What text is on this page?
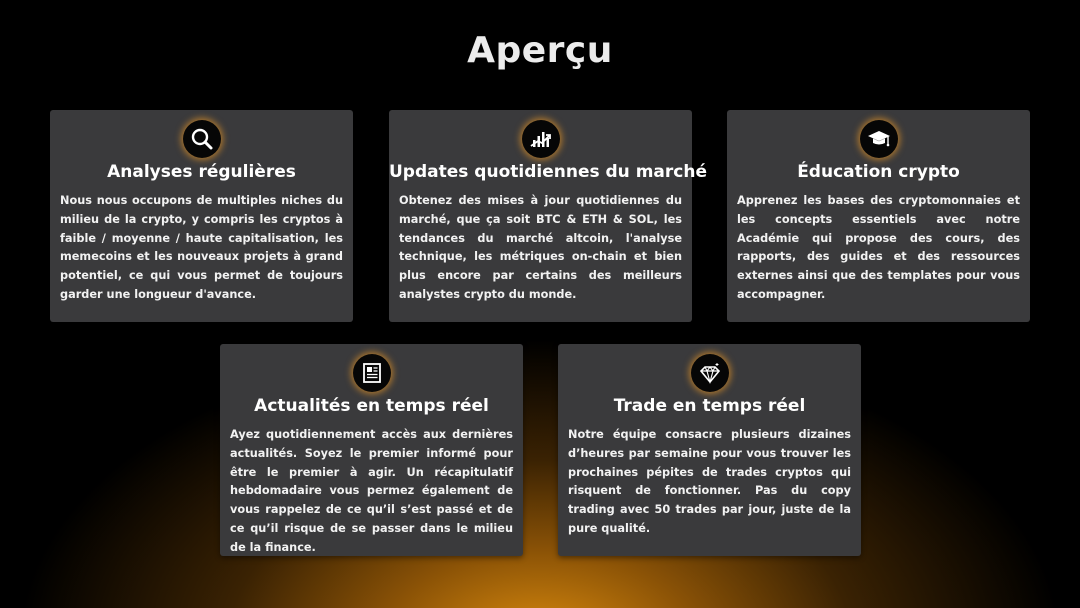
Aperçu
Analyses régulières
Nous nous occupons de multiples niches du milieu de la crypto, y compris les cryptos à faible / moyenne / haute capitalisation, les memecoins et les nouveaux projets à grand potentiel, ce qui vous permet de toujours garder une longueur d'avance.
Updates quotidiennes du marché
Obtenez des mises à jour quotidiennes du marché, que ça soit BTC & ETH & SOL, les tendances du marché altcoin, l'analyse technique, les métriques on-chain et bien plus encore par certains des meilleurs analystes crypto du monde.
Éducation crypto
Apprenez les bases des cryptomonnaies et les concepts essentiels avec notre Académie qui propose des cours, des rapports, des guides et des ressources externes ainsi que des templates pour vous accompagner.
Actualités en temps réel
Ayez quotidiennement accès aux dernières actualités. Soyez le premier informé pour être le premier à agir. Un récapitulatif hebdomadaire vous permez également de vous rappelez de ce qu’il s’est passé et de ce qu’il risque de se passer dans le milieu de la finance.
Trade en temps réel
Notre équipe consacre plusieurs dizaines d’heures par semaine pour vous trouver les prochaines pépites de trades cryptos qui risquent de fonctionner. Pas du copy trading avec 50 trades par jour, juste de la pure qualité.
